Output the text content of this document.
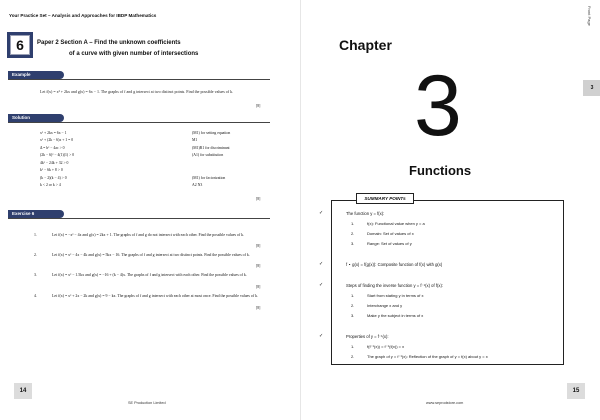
Your Practice Set – Analysis and Approaches for IBDP Mathematics
6	Paper 2 Section A – Find the unknown coefficients
of a curve with given number of intersections
Example
Let f(x) = x² + 2kx and g(x) = 6x − 1. The graphs of f and g intersect at two distinct points. Find the possible values of k.
[8]
Solution
x² + 2kx = 6x − 1	(M1) for setting equation
x² + (2k − 6)x + 1 = 0	M1
Δ = b² − 4ac > 0	(M1)R1 for discriminant
(2k − 6)² − 4(1)(1) > 0	(A1) for substitution
4k² − 24k + 32 > 0
k² − 6k + 8 > 0
(k − 2)(k − 4) > 0	(M1) for factorization
k < 2 or k > 4	A2 N3
[8]
Exercise 6
1.	Let f(x) = −x² − 4x and g(x) = 2kx + 1. The graphs of f and g do not intersect with each other. Find the possible values of k.
[8]
2.	Let f(x) = x² − 4x − 4k and g(x) = 5kx − 16. The graphs of f and g intersect at two distinct points. Find the possible values of k.
[8]
3.	Let f(x) = x² − 1.5kx and g(x) = −16 + (k − 4)x. The graphs of f and g intersect with each other. Find the possible values of k.
[8]
4.	Let f(x) = x² + 2x − 2k and g(x) = 9 − kx. The graphs of f and g intersect with each other at most once. Find the possible values of k.
[8]
14
SE Production Limited
Front Page
Chapter
3	3
Functions
SUMMARY POINTs
✓	The function y = f(x):
1.	f(x): Functional value when y = a
2.	Domain: Set of values of x
3.	Range: Set of values of y
✓	f ∘ g(x) = f(g(x)): Composite function of f(x) with g(x)
✓	Steps of finding the inverse function y = f⁻¹(x) of f(x):
1.	Start from stating y in terms of x
2.	Interchange x and y
3.	Make y the subject in terms of x
✓	Properties of y = f⁻¹(x):
1.	f(f⁻¹(x)) = f⁻¹(f(x)) = x
2.	The graph of y = f⁻¹(x): Reflection of the graph of y = f(x) about y = x
15
www.seprodstore.com
